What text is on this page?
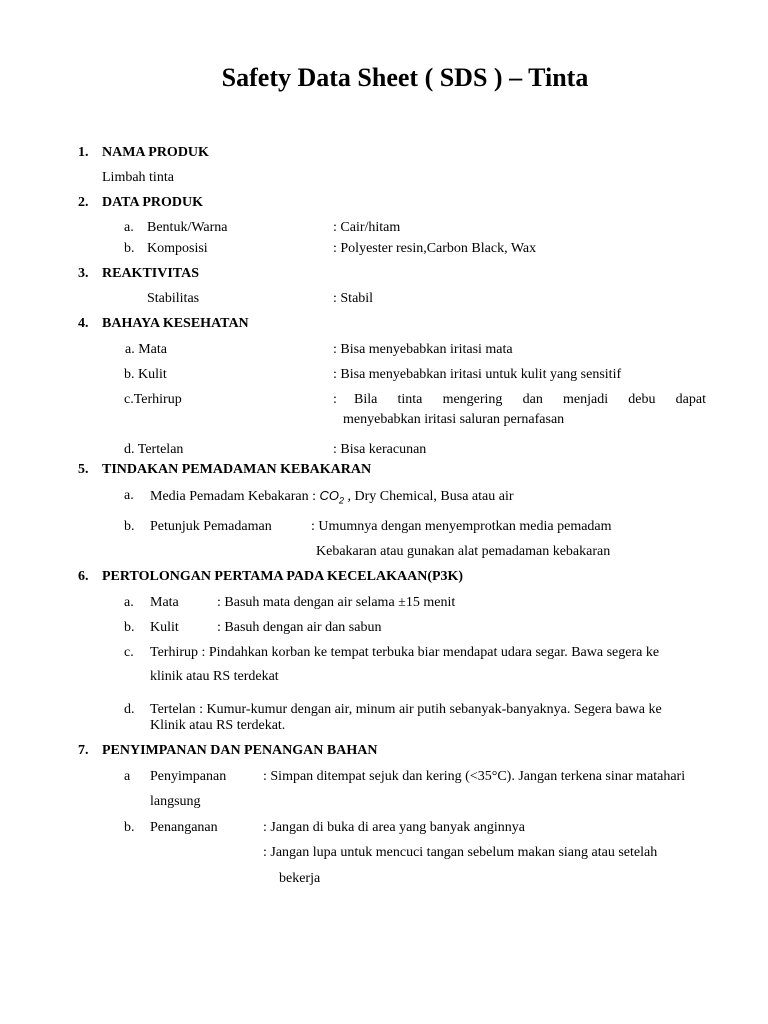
Safety Data Sheet ( SDS ) – Tinta
1. NAMA PRODUK
Limbah tinta
2. DATA PRODUK
a. Bentuk/Warna	: Cair/hitam
b. Komposisi	: Polyester resin,Carbon Black, Wax
3. REAKTIVITAS
Stabilitas	: Stabil
4. BAHAYA KESEHATAN
a. Mata	: Bisa menyebabkan iritasi mata
b. Kulit	: Bisa menyebabkan iritasi untuk kulit yang sensitif
c.Terhirup	: Bila tinta mengering dan menjadi debu dapat
menyebabkan iritasi saluran pernafasan
d. Tertelan	: Bisa keracunan
5. TINDAKAN PEMADAMAN KEBAKARAN
a. Media Pemadam Kebakaran : $CO_2$ , Dry Chemical, Busa atau air
b. Petunjuk Pemadaman	: Umumnya dengan menyemprotkan media pemadam
Kebakaran atau gunakan alat pemadaman kebakaran
6. PERTOLONGAN PERTAMA PADA KECELAKAAN(P3K)
a. Mata	: Basuh mata dengan air selama ±15 menit
b. Kulit	: Basuh dengan air dan sabun
c. Terhirup : Pindahkan korban ke tempat terbuka biar mendapat udara segar. Bawa segera ke
klinik atau RS terdekat
d. Tertelan : Kumur-kumur dengan air, minum air putih sebanyak-banyaknya. Segera bawa ke
Klinik atau RS terdekat.
7. PENYIMPANAN DAN PENANGAN BAHAN
a Penyimpanan	: Simpan ditempat sejuk dan kering (<35°C). Jangan terkena sinar matahari
langsung
b. Penanganan	: Jangan di buka di area yang banyak anginnya
: Jangan lupa untuk mencuci tangan sebelum makan siang atau setelah
bekerja
